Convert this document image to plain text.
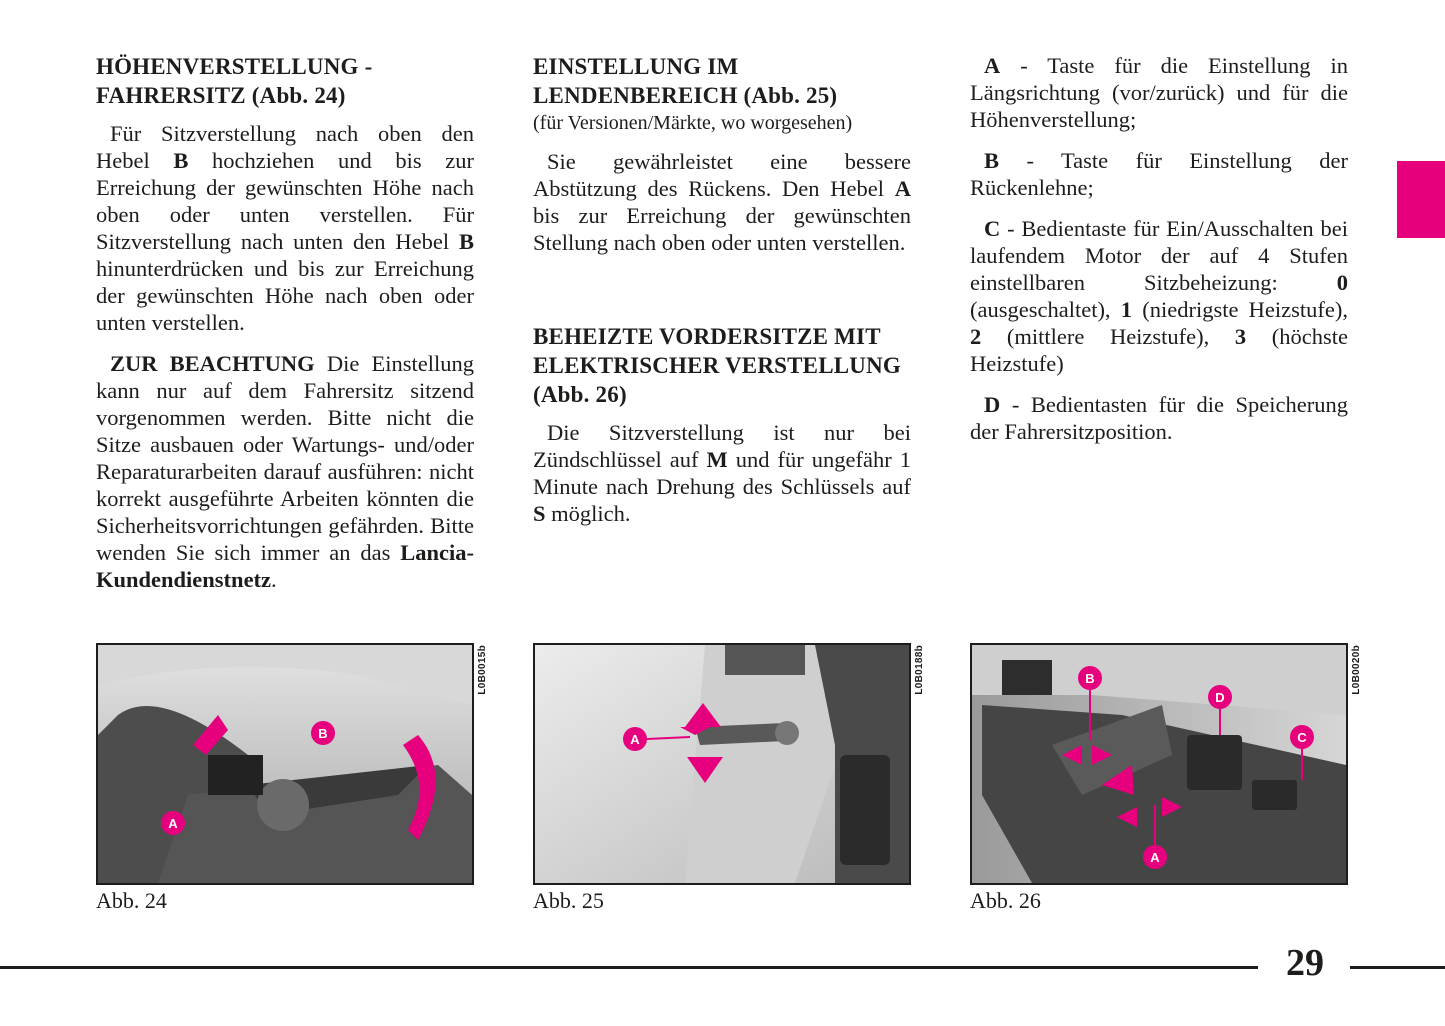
HÖHENVERSTELLUNG - FAHRERSITZ (Abb. 24)

Für Sitzverstellung nach oben den Hebel B hochziehen und bis zur Erreichung der gewünschten Höhe nach oben oder unten verstellen. Für Sitzverstellung nach unten den Hebel B hinunterdrücken und bis zur Erreichung der gewünschten Höhe nach oben oder unten verstellen.

ZUR BEACHTUNG Die Einstellung kann nur auf dem Fahrersitz sitzend vorgenommen werden. Bitte nicht die Sitze ausbauen oder Wartungs- und/oder Reparaturarbeiten darauf ausführen: nicht korrekt ausgeführte Arbeiten könnten die Sicherheitsvorrichtungen gefährden. Bitte wenden Sie sich immer an das Lancia-Kundendienstnetz.

EINSTELLUNG IM LENDENBEREICH (Abb. 25)
(für Versionen/Märkte, wo worgesehen)

Sie gewährleistet eine bessere Abstützung des Rückens. Den Hebel A bis zur Erreichung der gewünschten Stellung nach oben oder unten verstellen.

BEHEIZTE VORDERSITZE MIT ELEKTRISCHER VERSTELLUNG (Abb. 26)

Die Sitzverstellung ist nur bei Zündschlüssel auf M und für ungefähr 1 Minute nach Drehung des Schlüssels auf S möglich.

A - Taste für die Einstellung in Längsrichtung (vor/zurück) und für die Höhenverstellung;

B - Taste für Einstellung der Rückenlehne;

C - Bedientaste für Ein/Ausschalten bei laufendem Motor der auf 4 Stufen einstellbaren Sitzbeheizung: 0 (ausgeschaltet), 1 (niedrigste Heizstufe), 2 (mittlere Heizstufe), 3 (höchste Heizstufe)

D - Bedientasten für die Speicherung der Fahrersitzposition.

A
B
L0B0015b
Abb. 24
A
L0B0188b
Abb. 25
A
B
C
D
L0B0020b
Abb. 26
29
